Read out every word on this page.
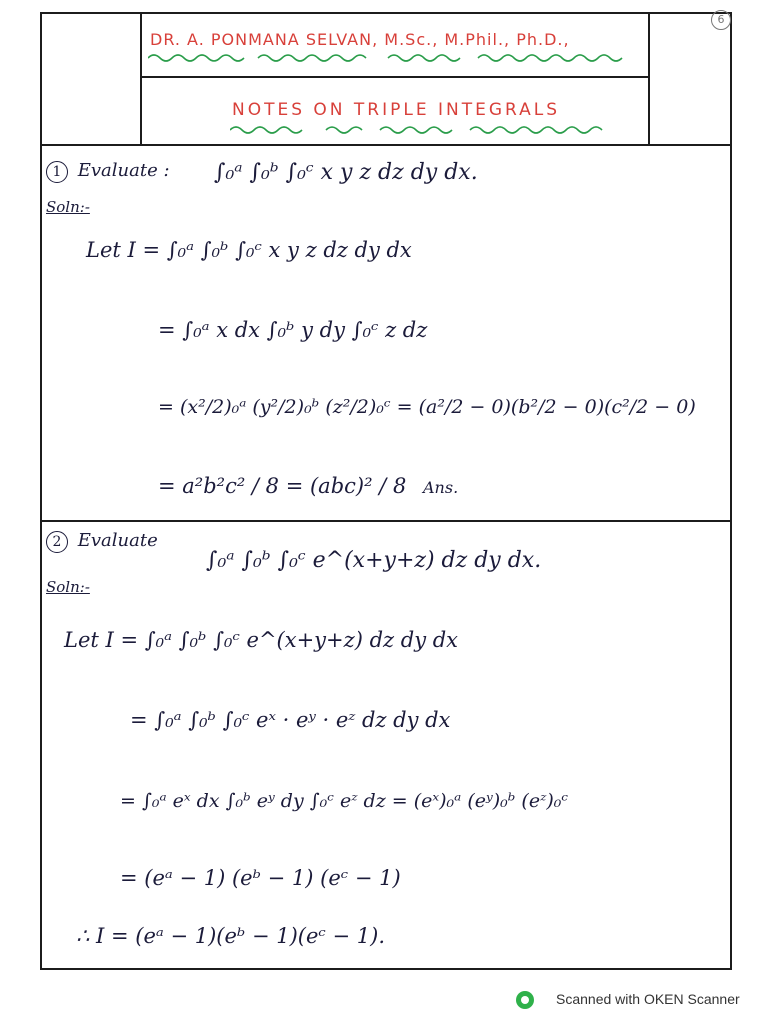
6
DR. A. PONMANA SELVAN, M.Sc., M.Phil., Ph.D.,
NOTES ON TRIPLE INTEGRALS
1 Evaluate : ∫₀ᵃ ∫₀ᵇ ∫₀ᶜ x y z dz dy dx.
Soln:-
Let I = ∫₀ᵃ ∫₀ᵇ ∫₀ᶜ x y z dz dy dx
= ∫₀ᵃ x dx ∫₀ᵇ y dy ∫₀ᶜ z dz
= (x²/2)₀ᵃ (y²/2)₀ᵇ (z²/2)₀ᶜ = (a²/2 − 0)(b²/2 − 0)(c²/2 − 0)
= a²b²c² / 8 = (abc)² / 8 Ans.
2 Evaluate
∫₀ᵃ ∫₀ᵇ ∫₀ᶜ e^(x+y+z) dz dy dx.
Soln:-
Let I = ∫₀ᵃ ∫₀ᵇ ∫₀ᶜ e^(x+y+z) dz dy dx
= ∫₀ᵃ ∫₀ᵇ ∫₀ᶜ eˣ · eʸ · eᶻ dz dy dx
= ∫₀ᵃ eˣ dx ∫₀ᵇ eʸ dy ∫₀ᶜ eᶻ dz = (eˣ)₀ᵃ (eʸ)₀ᵇ (eᶻ)₀ᶜ
= (eᵃ − 1) (eᵇ − 1) (eᶜ − 1)
∴ I = (eᵃ − 1)(eᵇ − 1)(eᶜ − 1).
Scanned with OKEN Scanner
